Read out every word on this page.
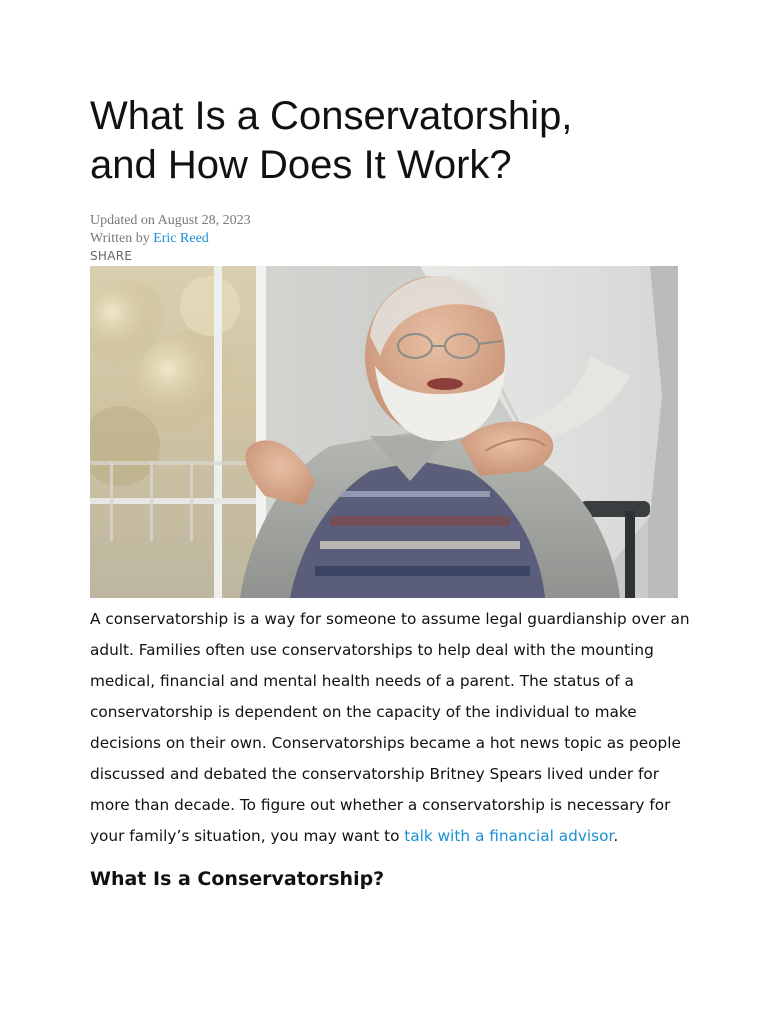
What Is a Conservatorship,
and How Does It Work?
Updated on August 28, 2023
Written by Eric Reed
SHARE
A conservatorship is a way for someone to assume legal guardianship over an
adult. Families often use conservatorships to help deal with the mounting
medical, financial and mental health needs of a parent. The status of a
conservatorship is dependent on the capacity of the individual to make
decisions on their own. Conservatorships became a hot news topic as people
discussed and debated the conservatorship Britney Spears lived under for
more than decade. To figure out whether a conservatorship is necessary for
your family’s situation, you may want to talk with a financial advisor.
What Is a Conservatorship?
